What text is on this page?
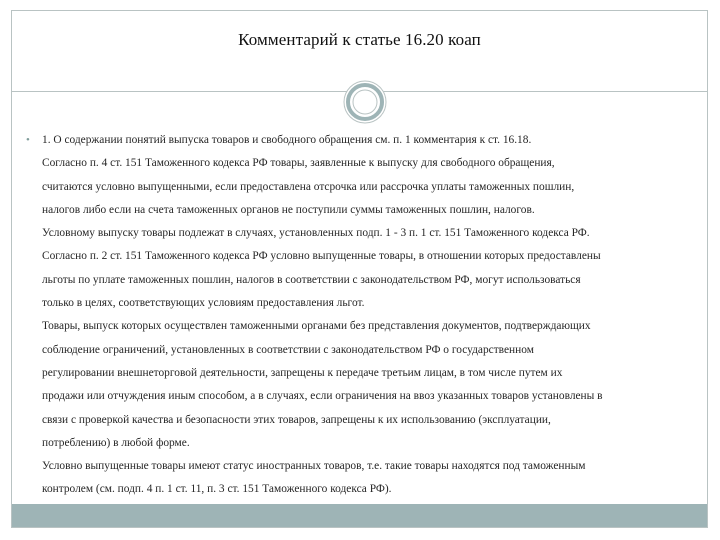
Комментарий к статье 16.20 коап
• 1. О содержании понятий выпуска товаров и свободного обращения см. п. 1 комментария к ст. 16.18.
Согласно п. 4 ст. 151 Таможенного кодекса РФ товары, заявленные к выпуску для свободного обращения,
считаются условно выпущенными, если предоставлена отсрочка или рассрочка уплаты таможенных пошлин,
налогов либо если на счета таможенных органов не поступили суммы таможенных пошлин, налогов.
Условному выпуску товары подлежат в случаях, установленных подп. 1 - 3 п. 1 ст. 151 Таможенного кодекса РФ.
Согласно п. 2 ст. 151 Таможенного кодекса РФ условно выпущенные товары, в отношении которых предоставлены
льготы по уплате таможенных пошлин, налогов в соответствии с законодательством РФ, могут использоваться
только в целях, соответствующих условиям предоставления льгот.
Товары, выпуск которых осуществлен таможенными органами без представления документов, подтверждающих
соблюдение ограничений, установленных в соответствии с законодательством РФ о государственном
регулировании внешнеторговой деятельности, запрещены к передаче третьим лицам, в том числе путем их
продажи или отчуждения иным способом, а в случаях, если ограничения на ввоз указанных товаров установлены в
связи с проверкой качества и безопасности этих товаров, запрещены к их использованию (эксплуатации,
потреблению) в любой форме.
Условно выпущенные товары имеют статус иностранных товаров, т.е. такие товары находятся под таможенным
контролем (см. подп. 4 п. 1 ст. 11, п. 3 ст. 151 Таможенного кодекса РФ).
